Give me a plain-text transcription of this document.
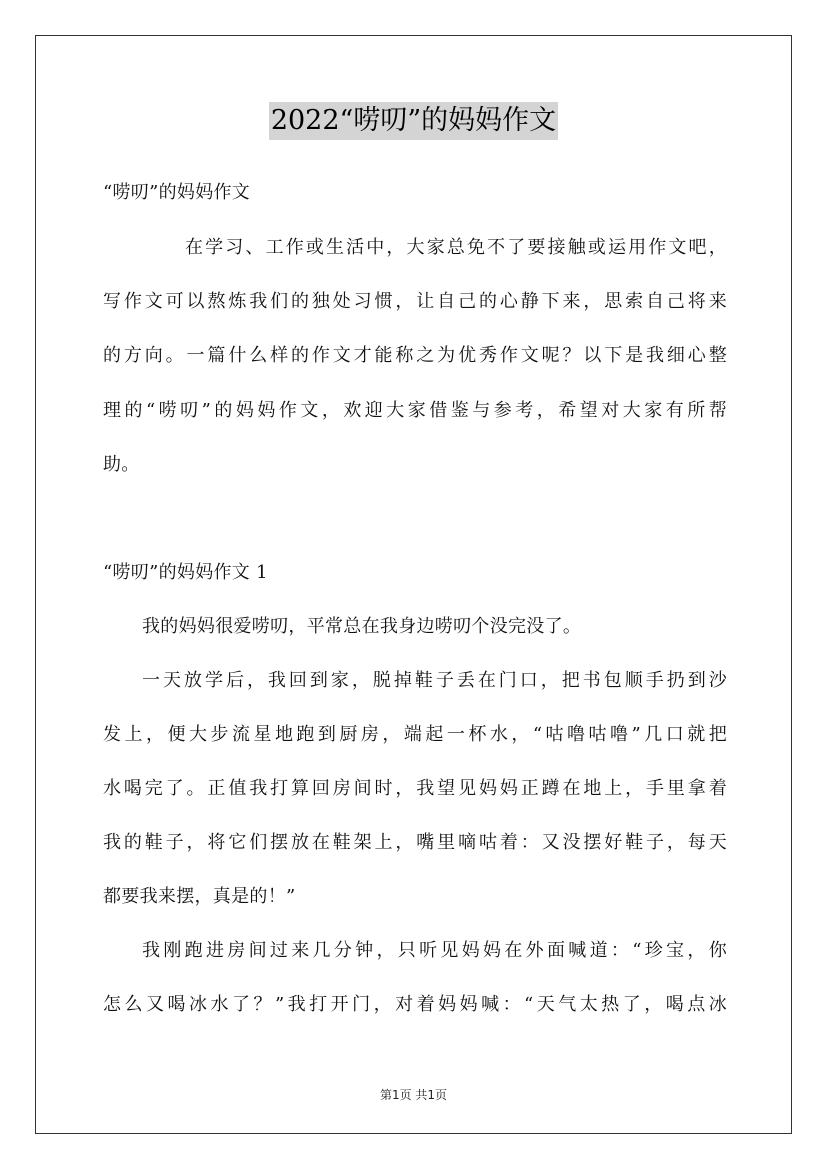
2022“唠叨”的妈妈作文
“唠叨”的妈妈作文
在学习、工作或生活中，大家总免不了要接触或运用作文吧，
写作文可以熬炼我们的独处习惯，让自己的心静下来，思索自己将来
的方向。一篇什么样的作文才能称之为优秀作文呢？以下是我细心整
理的“唠叨”的妈妈作文，欢迎大家借鉴与参考，希望对大家有所帮
助。
“唠叨”的妈妈作文 1
我的妈妈很爱唠叨，平常总在我身边唠叨个没完没了。
一天放学后，我回到家，脱掉鞋子丢在门口，把书包顺手扔到沙
发上，便大步流星地跑到厨房，端起一杯水，“咕噜咕噜”几口就把
水喝完了。正值我打算回房间时，我望见妈妈正蹲在地上，手里拿着
我的鞋子，将它们摆放在鞋架上，嘴里嘀咕着：又没摆好鞋子，每天
都要我来摆，真是的！”
我刚跑进房间过来几分钟，只听见妈妈在外面喊道：“珍宝，你
怎么又喝冰水了？”我打开门，对着妈妈喊：“天气太热了，喝点冰
第1页 共1页
